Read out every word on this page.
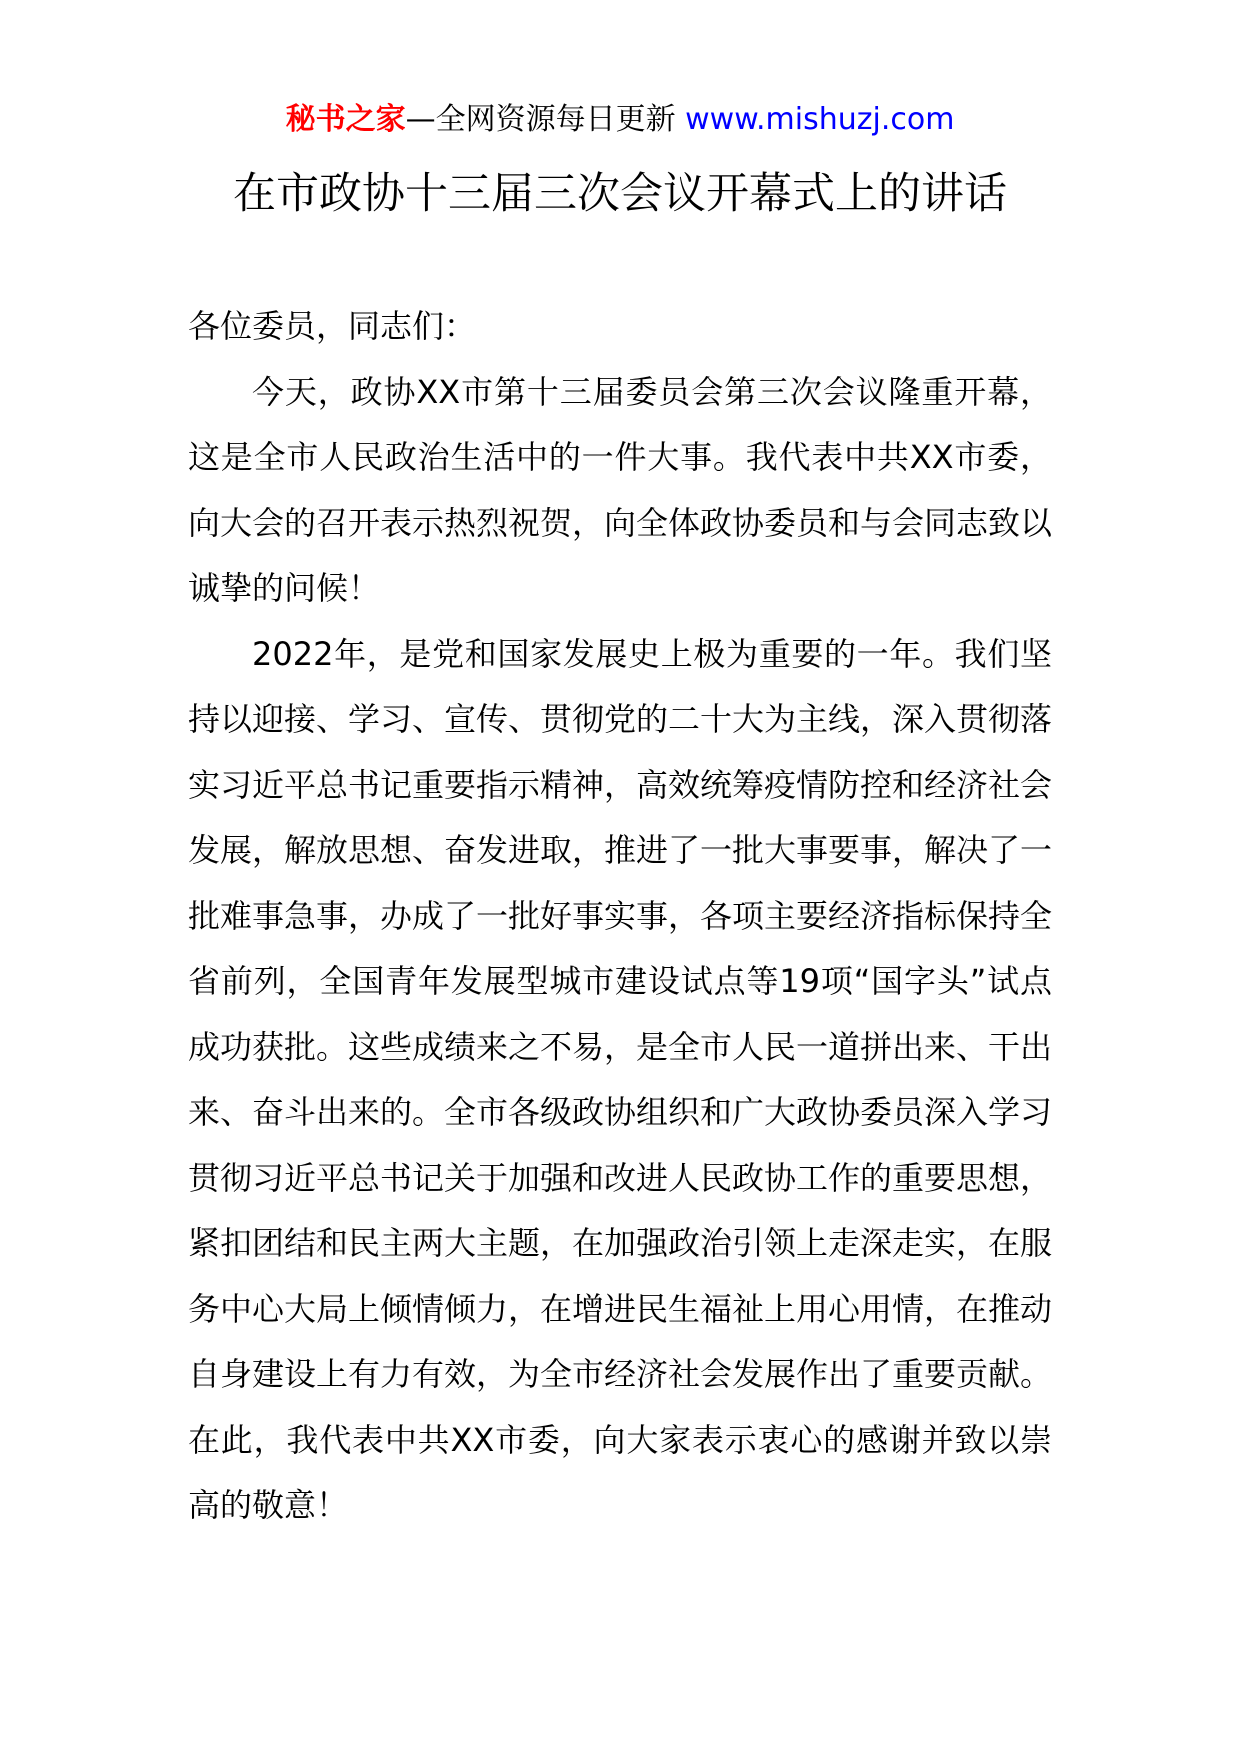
秘书之家—全网资源每日更新 www.mishuzj.com
在市政协十三届三次会议开幕式上的讲话

各位委员，同志们：

今天，政协XX市第十三届委员会第三次会议隆重开幕，这是全市人民政治生活中的一件大事。我代表中共XX市委，向大会的召开表示热烈祝贺，向全体政协委员和与会同志致以诚挚的问候！

2022年，是党和国家发展史上极为重要的一年。我们坚持以迎接、学习、宣传、贯彻党的二十大为主线，深入贯彻落实习近平总书记重要指示精神，高效统筹疫情防控和经济社会发展，解放思想、奋发进取，推进了一批大事要事，解决了一批难事急事，办成了一批好事实事，各项主要经济指标保持全省前列，全国青年发展型城市建设试点等19项“国字头”试点成功获批。这些成绩来之不易，是全市人民一道拼出来、干出来、奋斗出来的。全市各级政协组织和广大政协委员深入学习贯彻习近平总书记关于加强和改进人民政协工作的重要思想，紧扣团结和民主两大主题，在加强政治引领上走深走实，在服务中心大局上倾情倾力，在增进民生福祉上用心用情，在推动自身建设上有力有效，为全市经济社会发展作出了重要贡献。在此，我代表中共XX市委，向大家表示衷心的感谢并致以崇高的敬意！
